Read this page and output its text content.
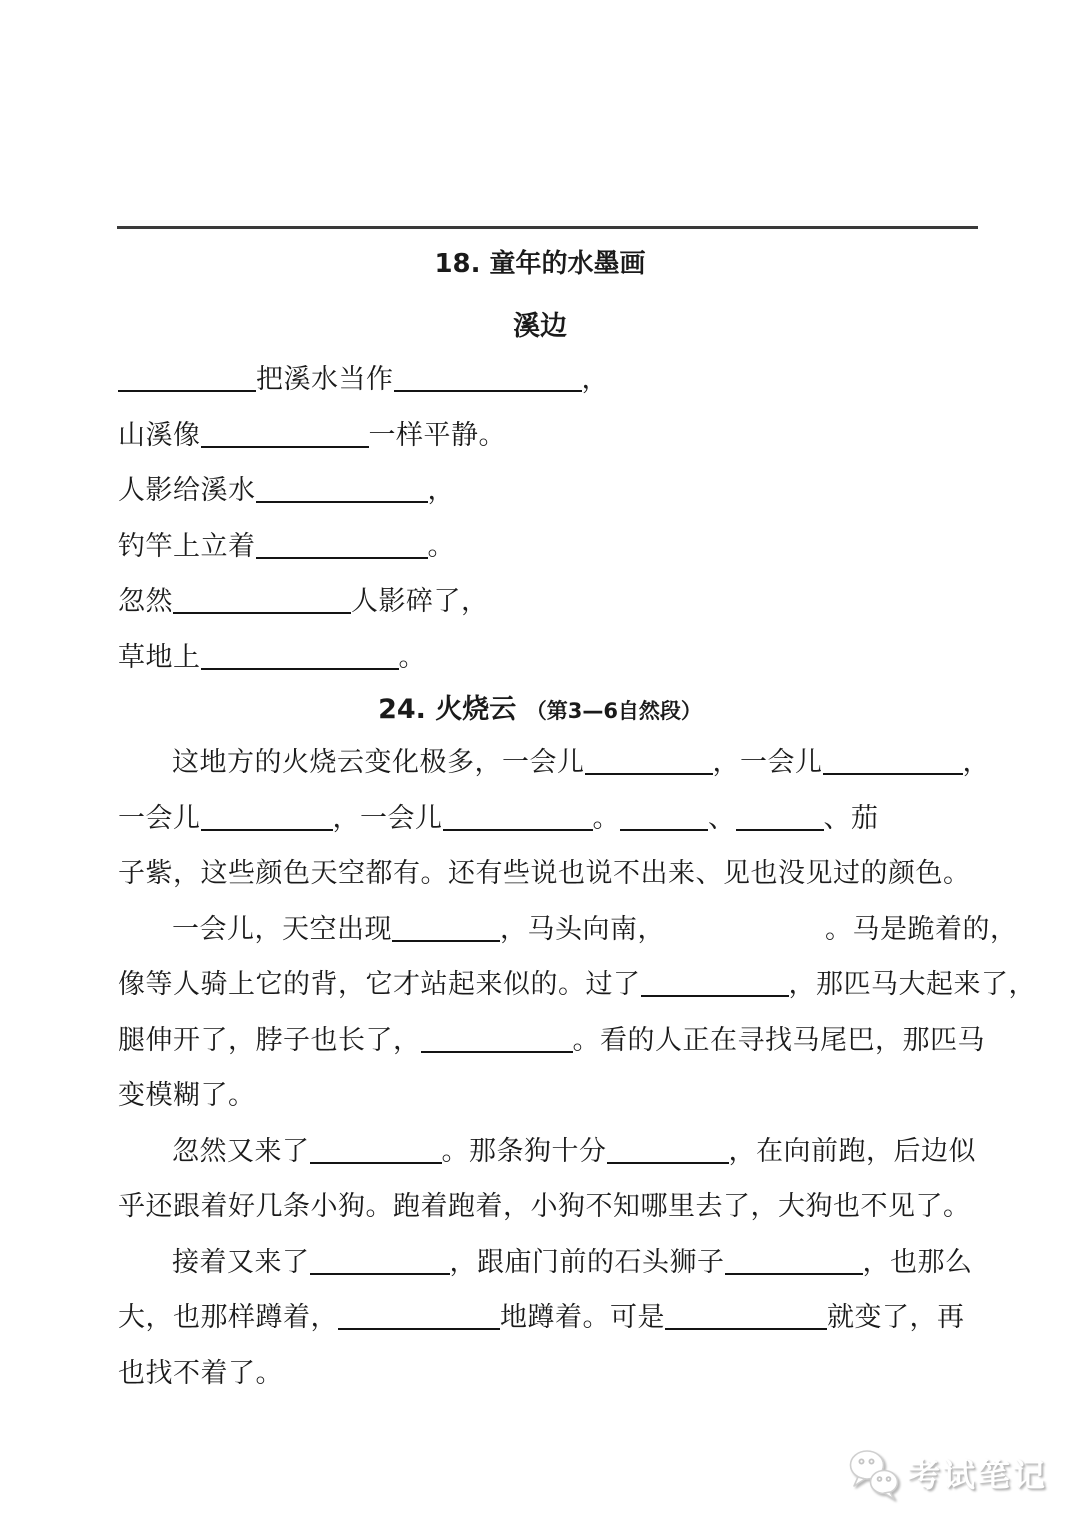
18. 童年的水墨画
溪边
把溪水当作	，
山溪像	一样平静。
人影给溪水	，
钓竿上立着	。
忽然	人影碎了，
草地上	。
24. 火烧云 （第3—6自然段）
这地方的火烧云变化极多，一会儿	，一会儿	，
一会儿	，一会儿	。	、	、茄
子紫，这些颜色天空都有。还有些说也说不出来、见也没见过的颜色。
一会儿，天空出现	，马头向南，	。马是跪着的，
像等人骑上它的背，它才站起来似的。过了	，那匹马大起来了，
腿伸开了，脖子也长了，	。看的人正在寻找马尾巴，那匹马
变模糊了。
忽然又来了	。那条狗十分	，在向前跑，后边似
乎还跟着好几条小狗。跑着跑着，小狗不知哪里去了，大狗也不见了。
接着又来了	，跟庙门前的石头狮子	，也那么
大，也那样蹲着，	地蹲着。可是	就变了，再
也找不着了。
考试笔记
